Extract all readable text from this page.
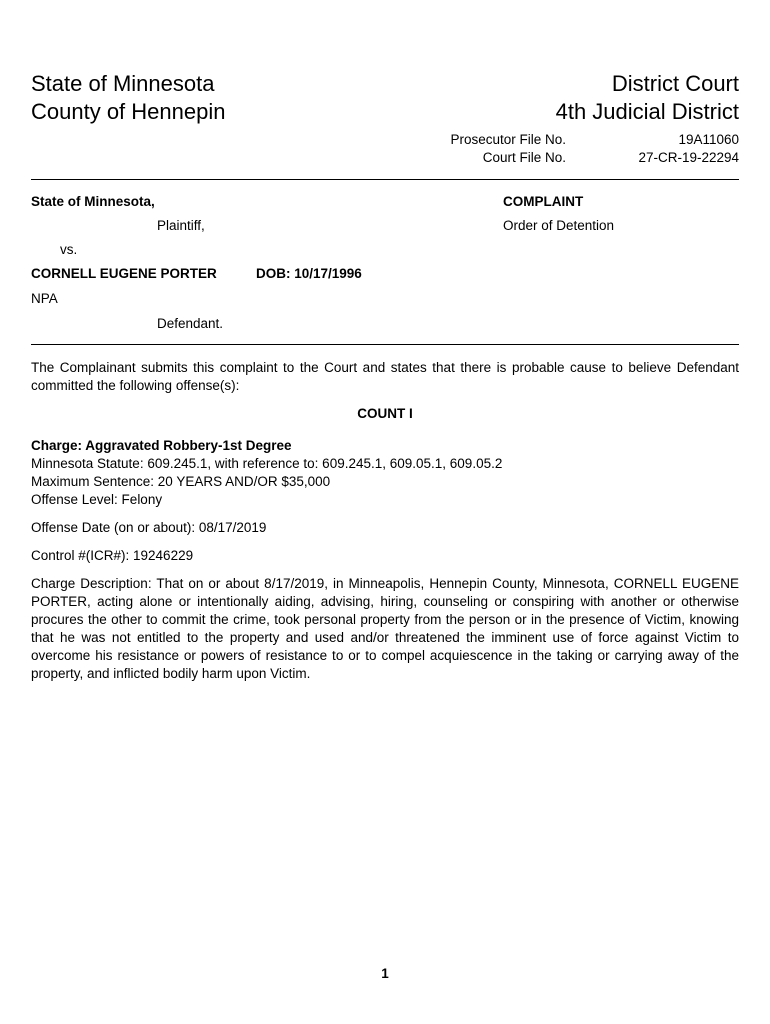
State of Minnesota
County of Hennepin
District Court
4th Judicial District
Prosecutor File No.	19A11060
Court File No.	27-CR-19-22294
State of Minnesota,
Plaintiff,
vs.
CORNELL EUGENE PORTER	DOB: 10/17/1996
NPA
Defendant.
COMPLAINT
Order of Detention
The Complainant submits this complaint to the Court and states that there is probable cause to believe Defendant committed the following offense(s):
COUNT I
Charge: Aggravated Robbery-1st Degree
Minnesota Statute: 609.245.1, with reference to: 609.245.1, 609.05.1, 609.05.2
Maximum Sentence: 20 YEARS AND/OR $35,000
Offense Level: Felony
Offense Date (on or about): 08/17/2019
Control #(ICR#): 19246229
Charge Description: That on or about 8/17/2019, in Minneapolis, Hennepin County, Minnesota, CORNELL EUGENE PORTER, acting alone or intentionally aiding, advising, hiring, counseling or conspiring with another or otherwise procures the other to commit the crime, took personal property from the person or in the presence of Victim, knowing that he was not entitled to the property and used and/or threatened the imminent use of force against Victim to overcome his resistance or powers of resistance to or to compel acquiescence in the taking or carrying away of the property, and inflicted bodily harm upon Victim.
1
